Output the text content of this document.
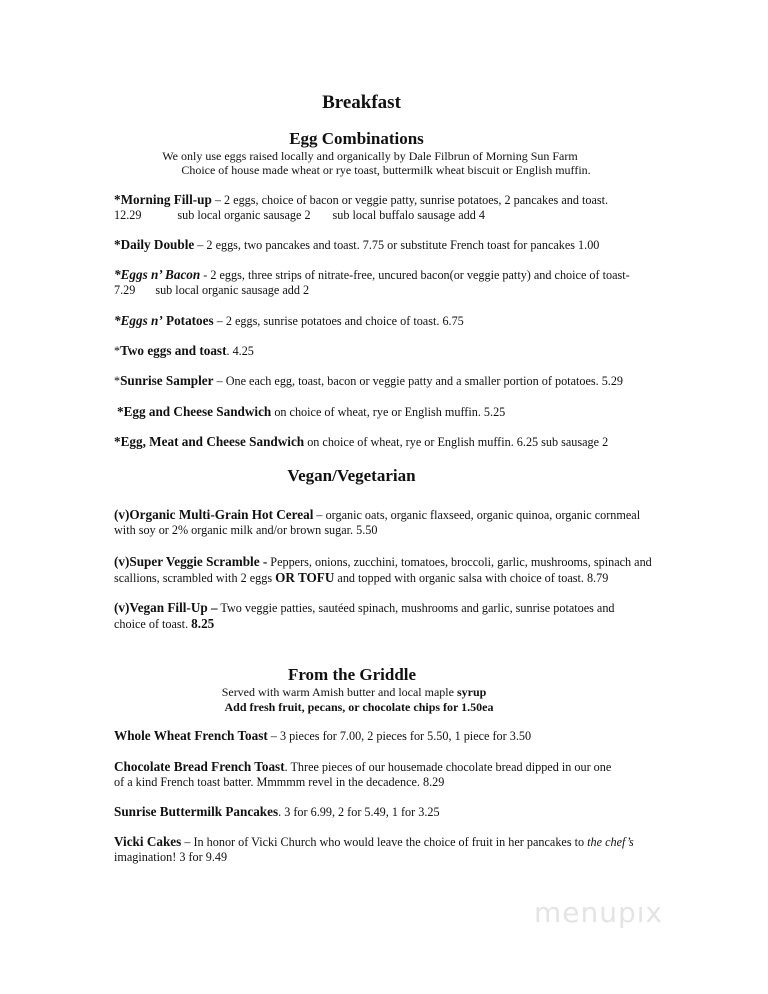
Breakfast
Egg Combinations
We only use eggs raised locally and organically by Dale Filbrun of Morning Sun Farm
Choice of house made wheat or rye toast, buttermilk wheat biscuit or English muffin.
*Morning Fill-up – 2 eggs, choice of bacon or veggie patty, sunrise potatoes, 2 pancakes and toast.
12.29	sub local organic sausage 2 sub local buffalo sausage add 4
*Daily Double – 2 eggs, two pancakes and toast. 7.75 or substitute French toast for pancakes 1.00
*Eggs n’ Bacon - 2 eggs, three strips of nitrate-free, uncured bacon(or veggie patty) and choice of toast-
7.29 sub local organic sausage add 2
*Eggs n’ Potatoes – 2 eggs, sunrise potatoes and choice of toast. 6.75
*Two eggs and toast. 4.25
*Sunrise Sampler – One each egg, toast, bacon or veggie patty and a smaller portion of potatoes. 5.29
*Egg and Cheese Sandwich on choice of wheat, rye or English muffin. 5.25
*Egg, Meat and Cheese Sandwich on choice of wheat, rye or English muffin. 6.25 sub sausage 2
Vegan/Vegetarian
(v)Organic Multi-Grain Hot Cereal – organic oats, organic flaxseed, organic quinoa, organic cornmeal with soy or 2% organic milk and/or brown sugar. 5.50
(v)Super Veggie Scramble - Peppers, onions, zucchini, tomatoes, broccoli, garlic, mushrooms, spinach and scallions, scrambled with 2 eggs OR TOFU and topped with organic salsa with choice of toast. 8.79
(v)Vegan Fill-Up – Two veggie patties, sautéed spinach, mushrooms and garlic, sunrise potatoes and choice of toast. 8.25
From the Griddle
Served with warm Amish butter and local maple syrup
Add fresh fruit, pecans, or chocolate chips for 1.50ea
Whole Wheat French Toast – 3 pieces for 7.00, 2 pieces for 5.50, 1 piece for 3.50
Chocolate Bread French Toast. Three pieces of our housemade chocolate bread dipped in our one of a kind French toast batter. Mmmmm revel in the decadence. 8.29
Sunrise Buttermilk Pancakes. 3 for 6.99, 2 for 5.49, 1 for 3.25
Vicki Cakes – In honor of Vicki Church who would leave the choice of fruit in her pancakes to the chef’s imagination! 3 for 9.49
menupıx
